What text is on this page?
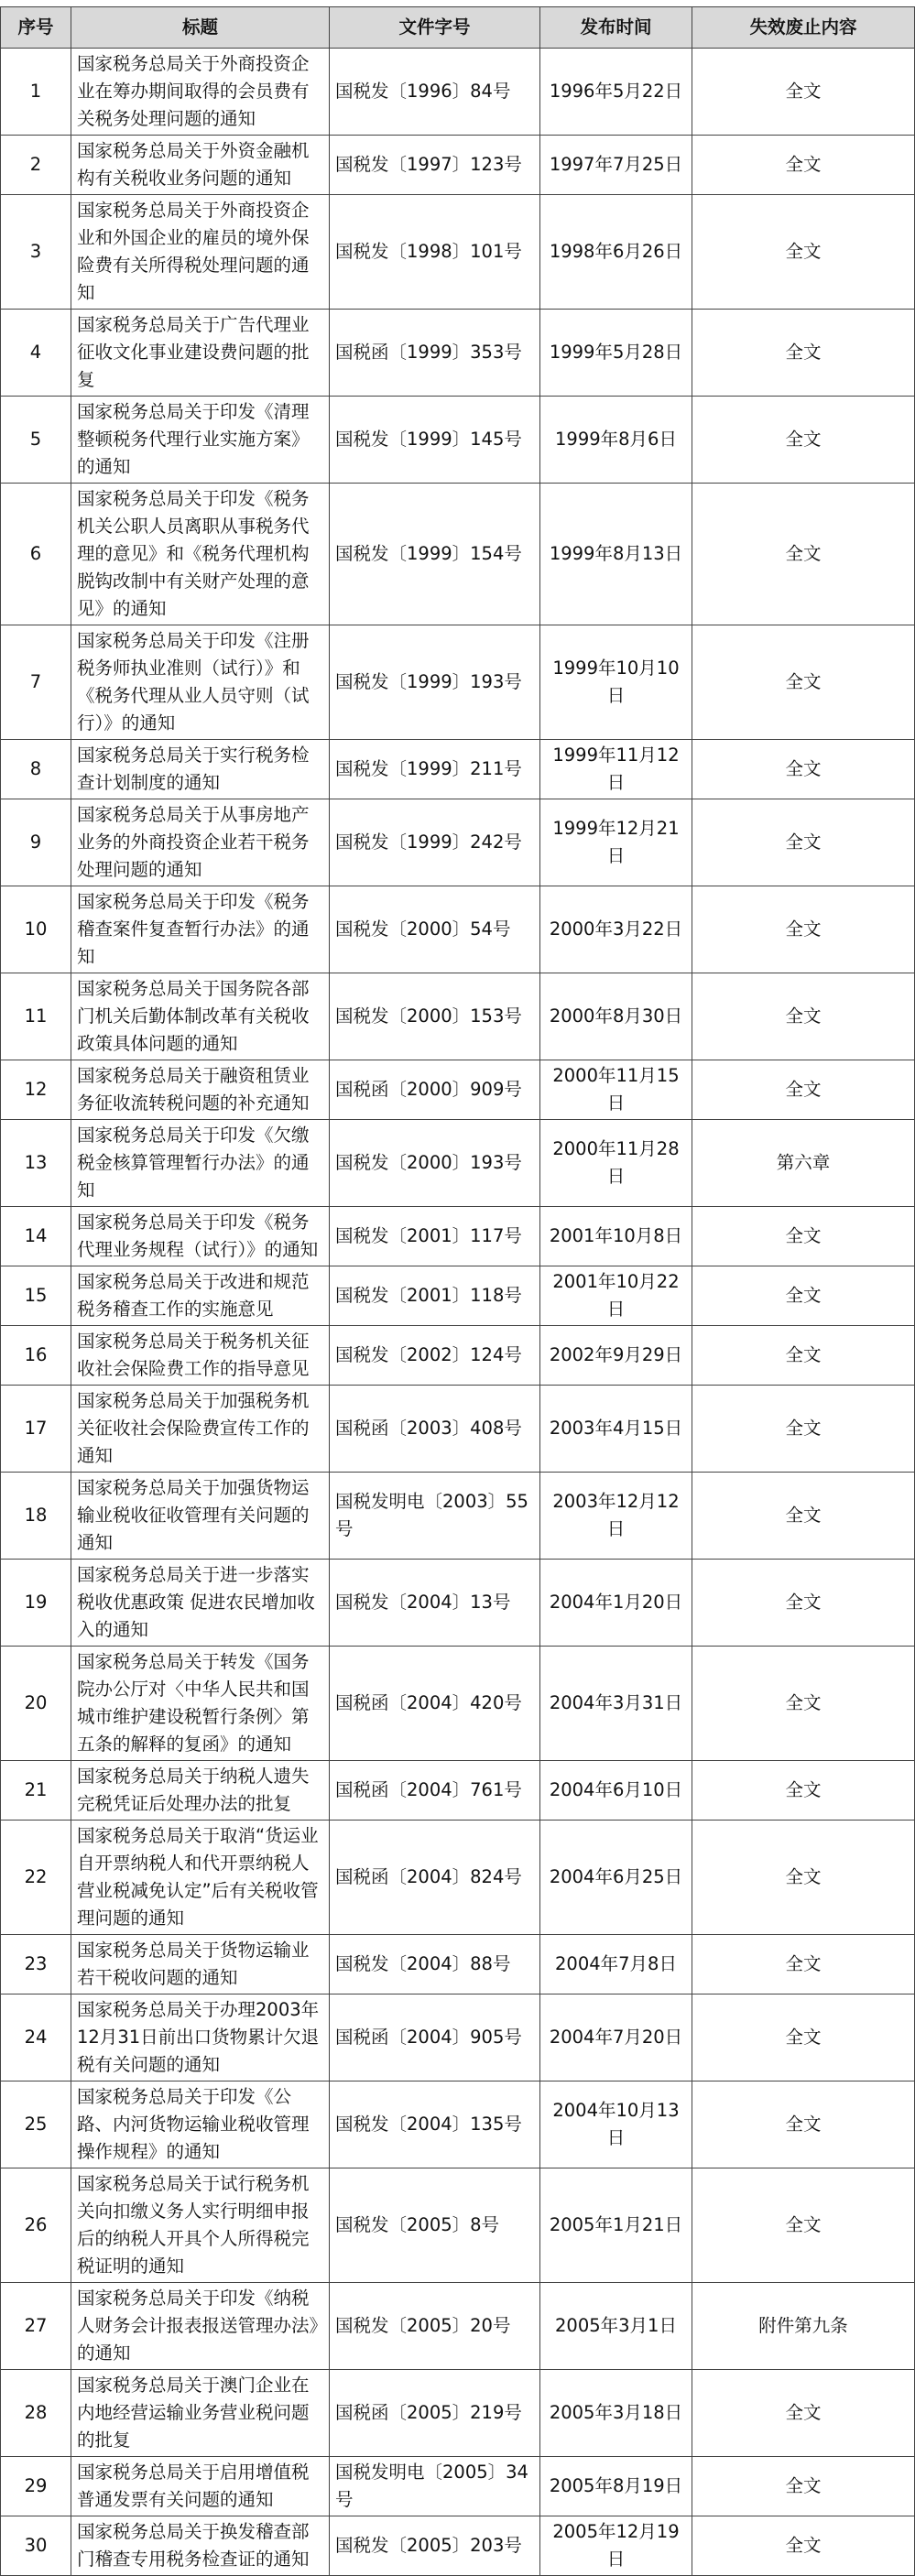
序号	标题	文件字号	发布时间	失效废止内容
1	国家税务总局关于外商投资企业在筹办期间取得的会员费有关税务处理问题的通知	国税发〔1996〕84号	1996年5月22日	全文
2	国家税务总局关于外资金融机构有关税收业务问题的通知	国税发〔1997〕123号	1997年7月25日	全文
3	国家税务总局关于外商投资企业和外国企业的雇员的境外保险费有关所得税处理问题的通知	国税发〔1998〕101号	1998年6月26日	全文
4	国家税务总局关于广告代理业征收文化事业建设费问题的批复	国税函〔1999〕353号	1999年5月28日	全文
5	国家税务总局关于印发《清理整顿税务代理行业实施方案》的通知	国税发〔1999〕145号	1999年8月6日	全文
6	国家税务总局关于印发《税务机关公职人员离职从事税务代理的意见》和《税务代理机构脱钩改制中有关财产处理的意见》的通知	国税发〔1999〕154号	1999年8月13日	全文
7	国家税务总局关于印发《注册税务师执业准则（试行）》和《税务代理从业人员守则（试行）》的通知	国税发〔1999〕193号	1999年10月10日	全文
8	国家税务总局关于实行税务检查计划制度的通知	国税发〔1999〕211号	1999年11月12日	全文
9	国家税务总局关于从事房地产业务的外商投资企业若干税务处理问题的通知	国税发〔1999〕242号	1999年12月21日	全文
10	国家税务总局关于印发《税务稽查案件复查暂行办法》的通知	国税发〔2000〕54号	2000年3月22日	全文
11	国家税务总局关于国务院各部门机关后勤体制改革有关税收政策具体问题的通知	国税发〔2000〕153号	2000年8月30日	全文
12	国家税务总局关于融资租赁业务征收流转税问题的补充通知	国税函〔2000〕909号	2000年11月15日	全文
13	国家税务总局关于印发《欠缴税金核算管理暂行办法》的通知	国税发〔2000〕193号	2000年11月28日	第六章
14	国家税务总局关于印发《税务代理业务规程（试行）》的通知	国税发〔2001〕117号	2001年10月8日	全文
15	国家税务总局关于改进和规范税务稽查工作的实施意见	国税发〔2001〕118号	2001年10月22日	全文
16	国家税务总局关于税务机关征收社会保险费工作的指导意见	国税发〔2002〕124号	2002年9月29日	全文
17	国家税务总局关于加强税务机关征收社会保险费宣传工作的通知	国税函〔2003〕408号	2003年4月15日	全文
18	国家税务总局关于加强货物运输业税收征收管理有关问题的通知	国税发明电〔2003〕55号	2003年12月12日	全文
19	国家税务总局关于进一步落实税收优惠政策 促进农民增加收入的通知	国税发〔2004〕13号	2004年1月20日	全文
20	国家税务总局关于转发《国务院办公厅对〈中华人民共和国城市维护建设税暂行条例〉第五条的解释的复函》的通知	国税函〔2004〕420号	2004年3月31日	全文
21	国家税务总局关于纳税人遗失完税凭证后处理办法的批复	国税函〔2004〕761号	2004年6月10日	全文
22	国家税务总局关于取消“货运业自开票纳税人和代开票纳税人营业税减免认定”后有关税收管理问题的通知	国税函〔2004〕824号	2004年6月25日	全文
23	国家税务总局关于货物运输业若干税收问题的通知	国税发〔2004〕88号	2004年7月8日	全文
24	国家税务总局关于办理2003年12月31日前出口货物累计欠退税有关问题的通知	国税函〔2004〕905号	2004年7月20日	全文
25	国家税务总局关于印发《公路、内河货物运输业税收管理操作规程》的通知	国税发〔2004〕135号	2004年10月13日	全文
26	国家税务总局关于试行税务机关向扣缴义务人实行明细申报后的纳税人开具个人所得税完税证明的通知	国税发〔2005〕8号	2005年1月21日	全文
27	国家税务总局关于印发《纳税人财务会计报表报送管理办法》的通知	国税发〔2005〕20号	2005年3月1日	附件第九条
28	国家税务总局关于澳门企业在内地经营运输业务营业税问题的批复	国税函〔2005〕219号	2005年3月18日	全文
29	国家税务总局关于启用增值税普通发票有关问题的通知	国税发明电〔2005〕34号	2005年8月19日	全文
30	国家税务总局关于换发稽查部门稽查专用税务检查证的通知	国税发〔2005〕203号	2005年12月19日	全文
